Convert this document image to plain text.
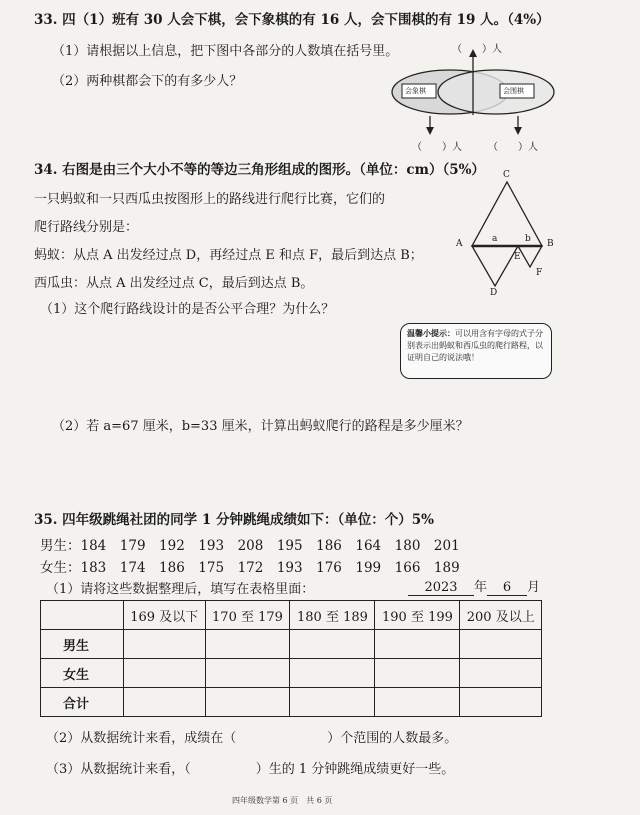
33. 四（1）班有 30 人会下棋，会下象棋的有 16 人，会下围棋的有 19 人。（4%）
（1）请根据以上信息，把下图中各部分的人数填在括号里。
（2）两种棋都会下的有多少人？
（　　）人
会象棋	会围棋
（　　）人	（　　）人
34. 右图是由三个大小不等的等边三角形组成的图形。（单位：cm）（5%）
一只蚂蚁和一只西瓜虫按图形上的路线进行爬行比赛，它们的
爬行路线分别是：
蚂蚁：从点 A 出发经过点 D，再经过点 E 和点 F，最后到达点 B；
西瓜虫：从点 A 出发经过点 C，最后到达点 B。
（1）这个爬行路线设计的是否公平合理？为什么？
A	B
C
D
E
F
a	b
温馨小提示：可以用含有字母的式子分别表示出蚂蚁和西瓜虫的爬行路程，以证明自己的说法哦！
（2）若 a=67 厘米，b=33 厘米，计算出蚂蚁爬行的路程是多少厘米？
35. 四年级跳绳社团的同学 1 分钟跳绳成绩如下：（单位：个）5%
男生：184　179　192　193　208　195　186　164　180　201
女生：183　174　186　175　172　193　176　199　166　189
（1）请将这些数据整理后，填写在表格里面：	2023 年 6 月
	169 及以下	170 至 179	180 至 189	190 至 199	200 及以上
男生					
女生					
合计					
（2）从数据统计来看，成绩在（　　　　　　　）个范围的人数最多。
（3）从数据统计来看，（　　　　　）生的 1 分钟跳绳成绩更好一些。
四年级数学第 6 页　共 6 页
